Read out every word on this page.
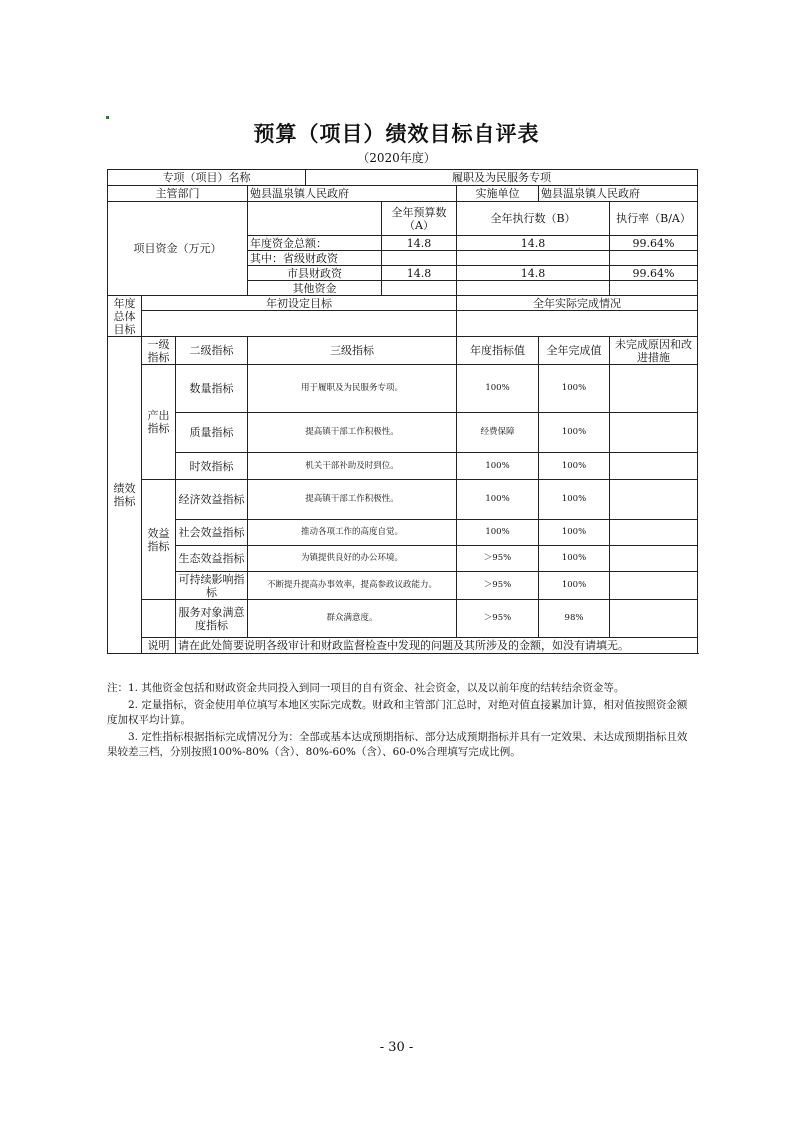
预算（项目）绩效目标自评表
（2020年度）
专项（项目）名称				履职及为民服务专项				
主管部门			勉县温泉镇人民政府			实施单位	勉县温泉镇人民政府	
项目资金（万元）					全年预算数（A）	全年执行数（B）		执行率（B/A）
			年度资金总额：		14.8	14.8		99.64%
			其中：省级财政资					
			市县财政资		14.8	14.8		99.64%
			其他资金					
年度总体目标	年初设定目标					全年实际完成情况		

绩效指标	一级指标	二级指标	三级指标			年度指标值	全年完成值	未完成原因和改进措施
	产出指标	数量指标	用于履职及为民服务专项。			100%	100%	
		质量指标	提高镇干部工作积极性。			经费保障	100%	
		时效指标	机关干部补助及时到位。			100%	100%	
	效益指标	经济效益指标	提高镇干部工作积极性。			100%	100%	
		社会效益指标	推动各项工作的高度自觉。			100%	100%	
		生态效益指标	为镇提供良好的办公环境。			＞95%	100%	
		可持续影响指标	不断提升提高办事效率，提高参政议政能力。			＞95%	100%	
		服务对象满意度指标	群众满意度。			＞95%	98%	
	说明	请在此处简要说明各级审计和财政监督检查中发现的问题及其所涉及的金额，如没有请填无。						

注：1. 其他资金包括和财政资金共同投入到同一项目的自有资金、社会资金，以及以前年度的结转结余资金等。

2. 定量指标，资金使用单位填写本地区实际完成数。财政和主管部门汇总时，对绝对值直接累加计算，相对值按照资金额度加权平均计算。

3. 定性指标根据指标完成情况分为：全部或基本达成预期指标、部分达成预期指标并具有一定效果、未达成预期指标且效果较差三档，分别按照100%-80%（含）、80%-60%（含）、60-0%合理填写完成比例。

- 30 -
